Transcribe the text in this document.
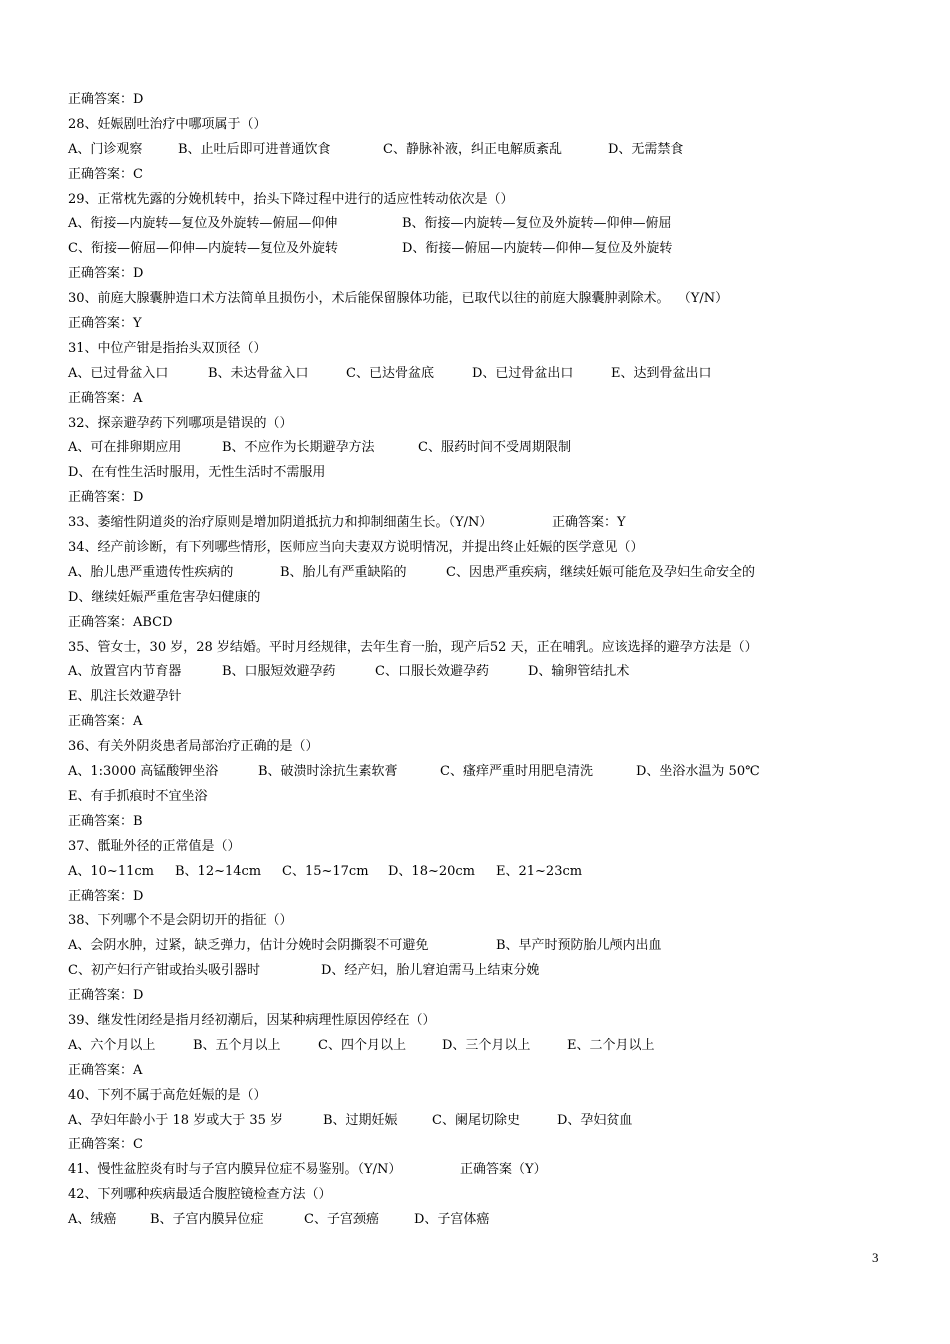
正确答案：D
28、妊娠剧吐治疗中哪项属于（）
A、门诊观察	B、止吐后即可进普通饮食	C、静脉补液，纠正电解质紊乱	D、无需禁食
正确答案：C
29、正常枕先露的分娩机转中，抬头下降过程中进行的适应性转动依次是（）
A、衔接—内旋转—复位及外旋转—俯屈—仰伸	B、衔接—内旋转—复位及外旋转—仰伸—俯屈
C、衔接—俯屈—仰伸—内旋转—复位及外旋转	D、衔接—俯屈—内旋转—仰伸—复位及外旋转
正确答案：D
30、前庭大腺囊肿造口术方法简单且损伤小，术后能保留腺体功能，已取代以往的前庭大腺囊肿剥除术。  （Y/N）
正确答案：Y
31、中位产钳是指抬头双顶径（）
A、已过骨盆入口	B、未达骨盆入口	C、已达骨盆底	D、已过骨盆出口	E、达到骨盆出口
正确答案：A
32、探亲避孕药下列哪项是错误的（）
A、可在排卵期应用	B、不应作为长期避孕方法	C、服药时间不受周期限制
D、在有性生活时服用，无性生活时不需服用
正确答案：D
33、萎缩性阴道炎的治疗原则是增加阴道抵抗力和抑制细菌生长。（Y/N）	正确答案：Y
34、经产前诊断，有下列哪些情形，医师应当向夫妻双方说明情况，并提出终止妊娠的医学意见（）
A、胎儿患严重遗传性疾病的	B、胎儿有严重缺陷的	C、因患严重疾病，继续妊娠可能危及孕妇生命安全的
D、继续妊娠严重危害孕妇健康的
正确答案：ABCD
35、管女士，30 岁，28 岁结婚。平时月经规律，去年生育一胎，现产后52 天，正在哺乳。应该选择的避孕方法是（）
A、放置宫内节育器	B、口服短效避孕药	C、口服长效避孕药	D、输卵管结扎术
E、肌注长效避孕针
正确答案：A
36、有关外阴炎患者局部治疗正确的是（）
A、1:3000 高锰酸钾坐浴	B、破溃时涂抗生素软膏	C、瘙痒严重时用肥皂清洗	D、坐浴水温为 50℃
E、有手抓痕时不宜坐浴
正确答案：B
37、骶耻外径的正常值是（）
A、10~11cm B、12~14cm C、15~17cm D、18~20cm E、21~23cm
正确答案：D
38、下列哪个不是会阴切开的指征（）
A、会阴水肿，过紧，缺乏弹力，估计分娩时会阴撕裂不可避免	B、早产时预防胎儿颅内出血
C、初产妇行产钳或抬头吸引器时	D、经产妇，胎儿窘迫需马上结束分娩
正确答案：D
39、继发性闭经是指月经初潮后，因某种病理性原因停经在（）
A、六个月以上	B、五个月以上	C、四个月以上	D、三个月以上	E、二个月以上
正确答案：A
40、下列不属于高危妊娠的是（）
A、孕妇年龄小于 18 岁或大于 35 岁	B、过期妊娠	C、阑尾切除史	D、孕妇贫血
正确答案：C
41、慢性盆腔炎有时与子宫内膜异位症不易鉴别。（Y/N）	正确答案（Y）
42、下列哪种疾病最适合腹腔镜检查方法（）
A、绒癌	B、子宫内膜异位症	C、子宫颈癌	D、子宫体癌
3
